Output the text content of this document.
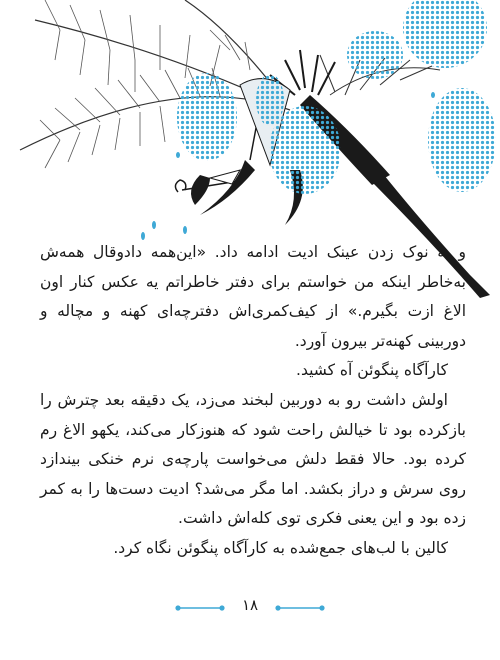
و به نوک زدن عینک ادیت ادامه داد. «این‌همه دادوقال همه‌ش به‌خاطر اینکه من خواستم برای دفتر خاطراتم یه عکس کنار اون الاغ ازت بگیرم.» از کیف‌کمری‌اش دفترچه‌ای کهنه و مچاله و دوربینی کهنه‌تر بیرون آورد.

کارآگاه پنگوئن آه کشید.

اولش داشت رو به دوربین لبخند می‌زد، یک دقیقه بعد چترش را بازکرده بود تا خیالش راحت شود که هنوزکار می‌کند، یکهو الاغ رم کرده بود. حالا فقط دلش می‌خواست پارچه‌ی نرم خنکی بیندازد روی سرش و دراز بکشد. اما مگر می‌شد؟ ادیت دست‌ها را به کمر زده بود و این یعنی فکری توی کله‌اش داشت.

کالین با لب‌های جمع‌شده به کارآگاه پنگوئن نگاه کرد.

۱۸
